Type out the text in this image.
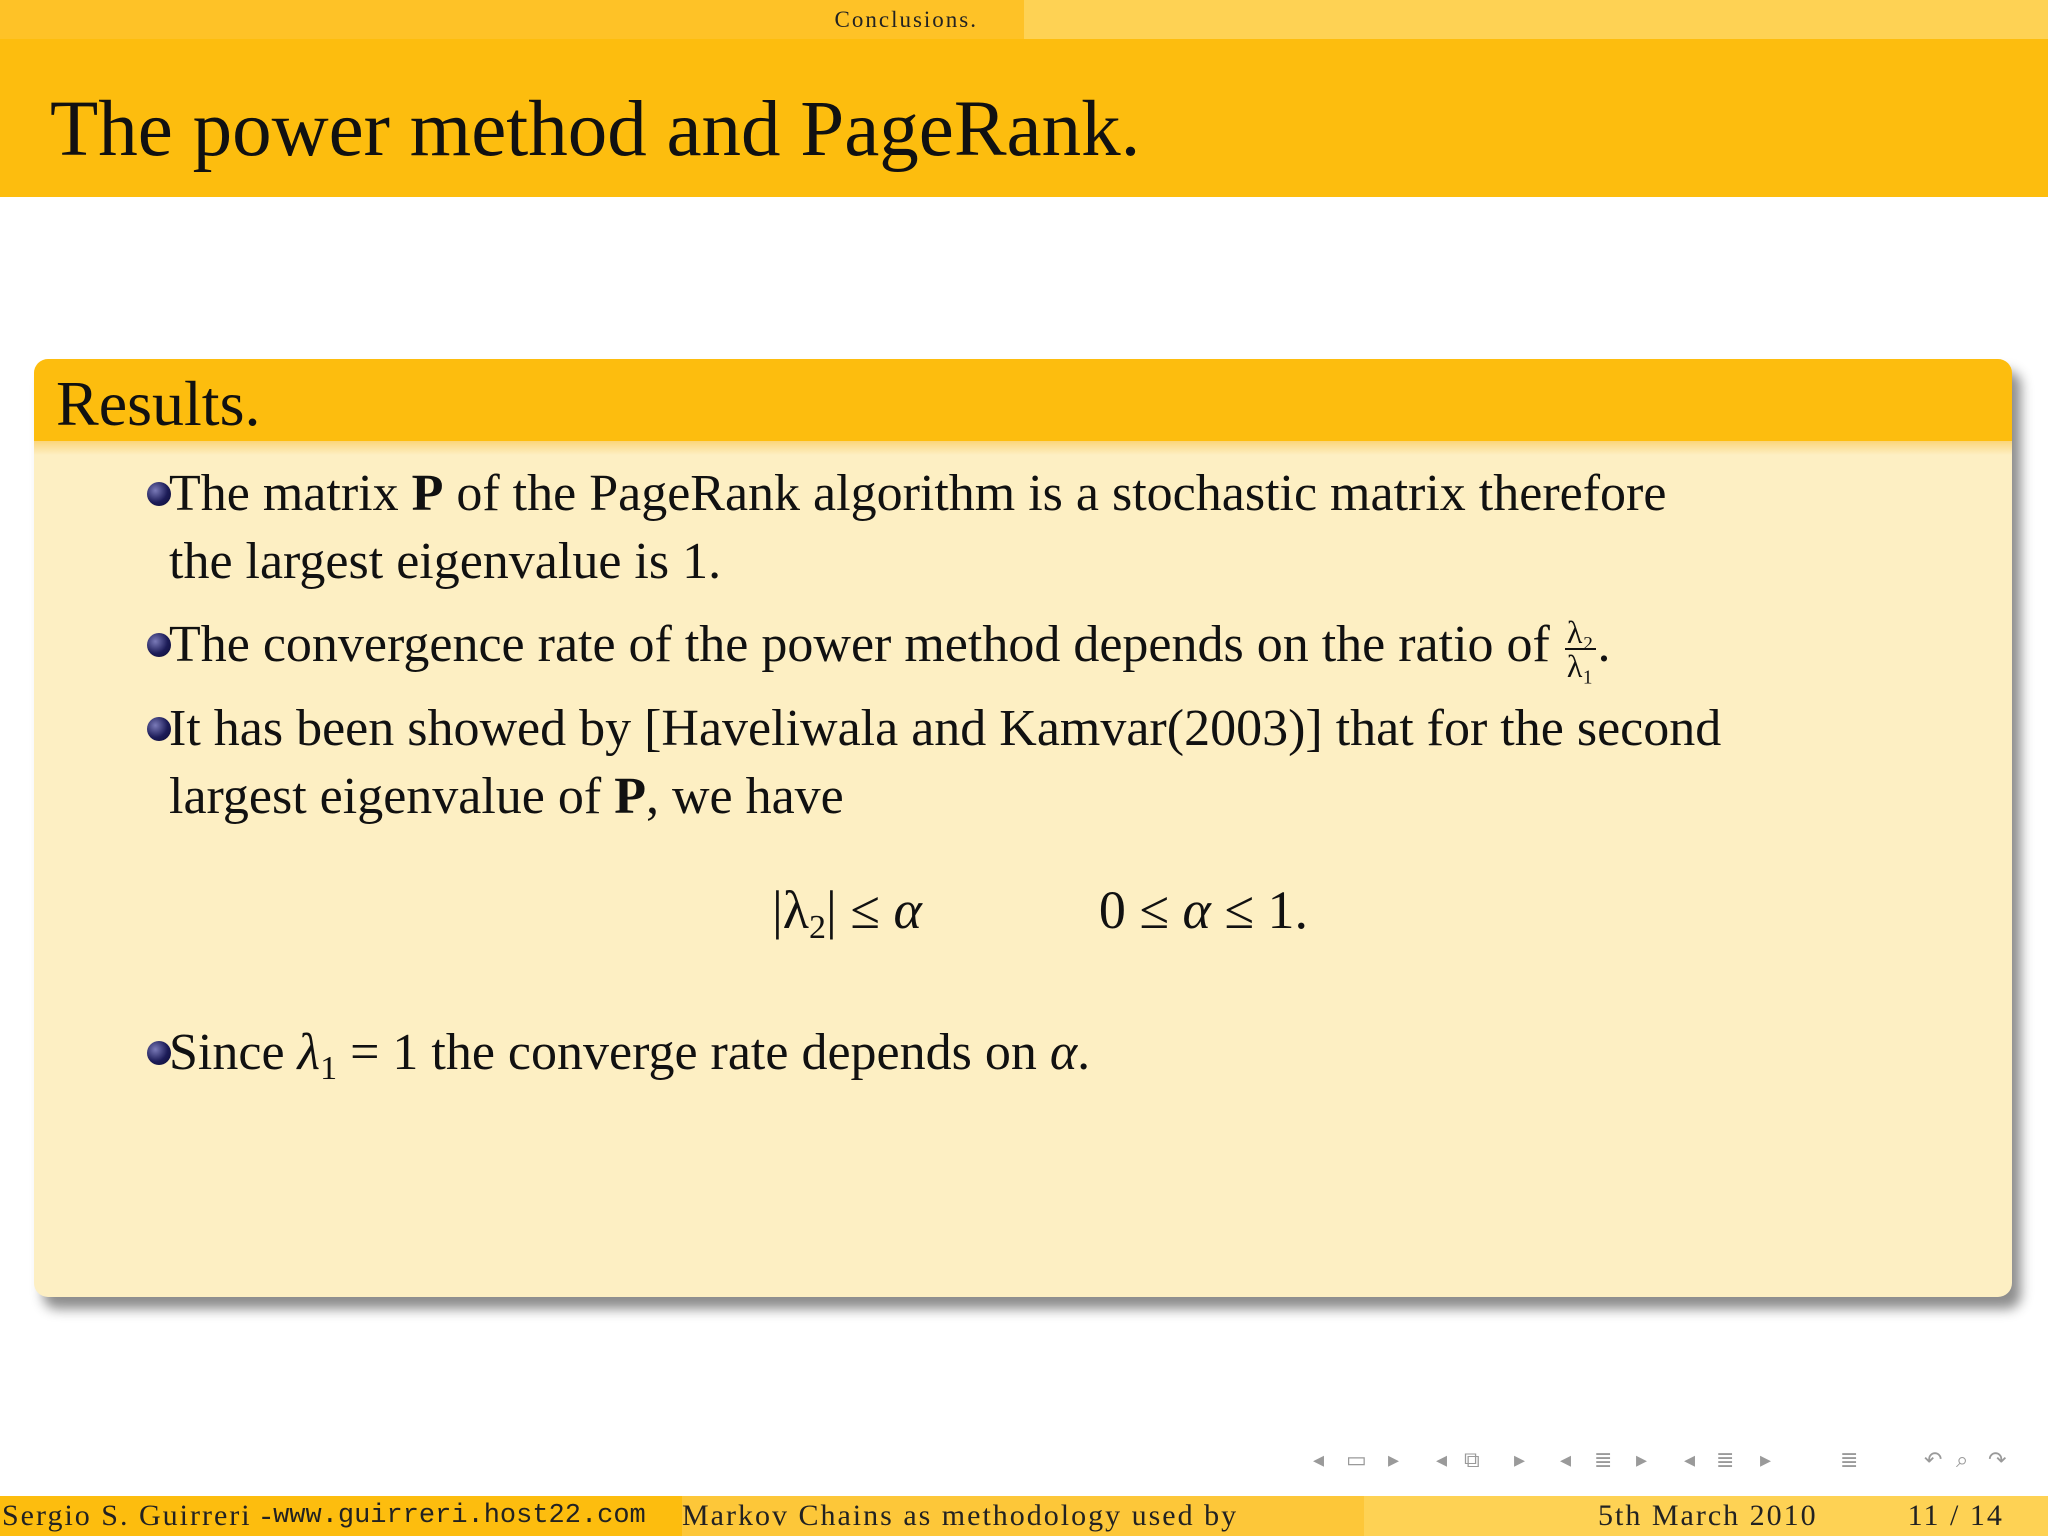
Conclusions.
The power method and PageRank.
Results.
The matrix P of the PageRank algorithm is a stochastic matrix therefore
the largest eigenvalue is 1.
The convergence rate of the power method depends on the ratio of $\frac{\text{λ₂}}{\text{λ₁}}$ .
It has been showed by [Haveliwala and Kamvar(2003)] that for the second
largest eigenvalue of P, we have
$|\lambda_2| \le \alpha$	0 ≤ α ≤ 1.
Since $\lambda_1 = 1$ the converge rate depends on α.
◂ ▭ ▸ ◂ ⧉ ▸ ◂ ≣ ▸ ◂ ≣ ▸	≣	↶ ⌕ ↷
Sergio S. Guirreri - www.guirreri.host22.com Markov Chains as methodology used by	5th March 2010	11 / 14
